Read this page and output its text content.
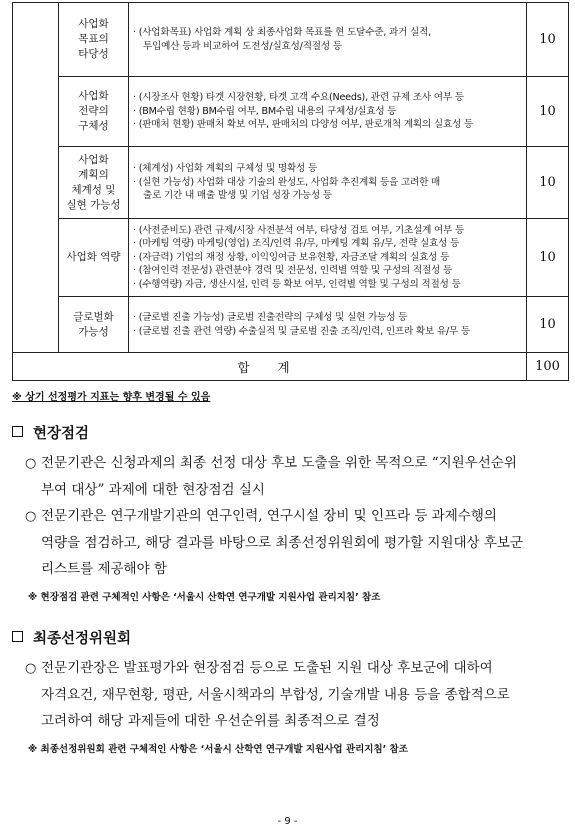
	사업화
목표의
타당성	· (사업화목표) 사업화 계획 상 최종사업화 목표를 현 도달수준, 과거 실적,
투입예산 등과 비교하여 도전성/실효성/적절성 등	10

	사업화
전략의
구체성	· (시장조사 현황) 타겟 시장현황, 타겟 고객 수요(Needs), 관련 규제 조사 여부 등
· (BM수립 현황) BM수립 여부, BM수립 내용의 구체성/실효성 등
· (판매처 현황) 판매처 확보 여부, 판매처의 다양성 여부, 판로개척 계획의 실효성 등	10

	사업화
계획의
체계성 및
실현 가능성	· (체계성) 사업화 계획의 구체성 및 명확성 등
· (실현 가능성) 사업화 대상 기술의 완성도, 사업화 추진계획 등을 고려한 매
출로 기간 내 매출 발생 및 기업 성장 가능성 등	10

	사업화 역량	· (사전준비도) 관련 규제/시장 사전분석 여부, 타당성 검토 여부, 기초설계 여부 등
· (마케팅 역량) 마케팅(영업) 조직/인력 유/무, 마케팅 계획 유/무, 전략 실효성 등
· (자금력) 기업의 재정 상황, 이익잉여금 보유현황, 자금조달 계획의 실효성 등
· (참여인력 전문성) 관련분야 경력 및 전문성, 인력별 역할 및 구성의 적절성 등
· (수행역량) 자금, 생산시설, 인력 등 확보 여부, 인력별 역할 및 구성의 적절성 등	10

	글로벌화
가능성	· (글로벌 진출 가능성) 글로벌 진출전략의 구체성 및 실현 가능성 등
· (글로벌 진출 관련 역량) 수출실적 및 글로벌 진출 조직/인력, 인프라 확보 유/무 등	10
합 계			100
※ 상기 선정평가 지표는 향후 변경될 수 있음
현장점검
○ 전문기관은 신청과제의 최종 선정 대상 후보 도출을 위한 목적으로 “지원우선순위
부여 대상” 과제에 대한 현장점검 실시
○ 전문기관은 연구개발기관의 연구인력, 연구시설 장비 및 인프라 등 과제수행의
역량을 점검하고, 해당 결과를 바탕으로 최종선정위원회에 평가할 지원대상 후보군
리스트를 제공해야 함
※ 현장점검 관련 구체적인 사항은 ‘서울시 산학연 연구개발 지원사업 관리지침’ 참조
최종선정위원회
○ 전문기관장은 발표평가와 현장점검 등으로 도출된 지원 대상 후보군에 대하여
자격요건, 재무현황, 평판, 서울시책과의 부합성, 기술개발 내용 등을 종합적으로
고려하여 해당 과제들에 대한 우선순위를 최종적으로 결정
※ 최종선정위원회 관련 구체적인 사항은 ‘서울시 산학연 연구개발 지원사업 관리지침’ 참조
- 9 -
